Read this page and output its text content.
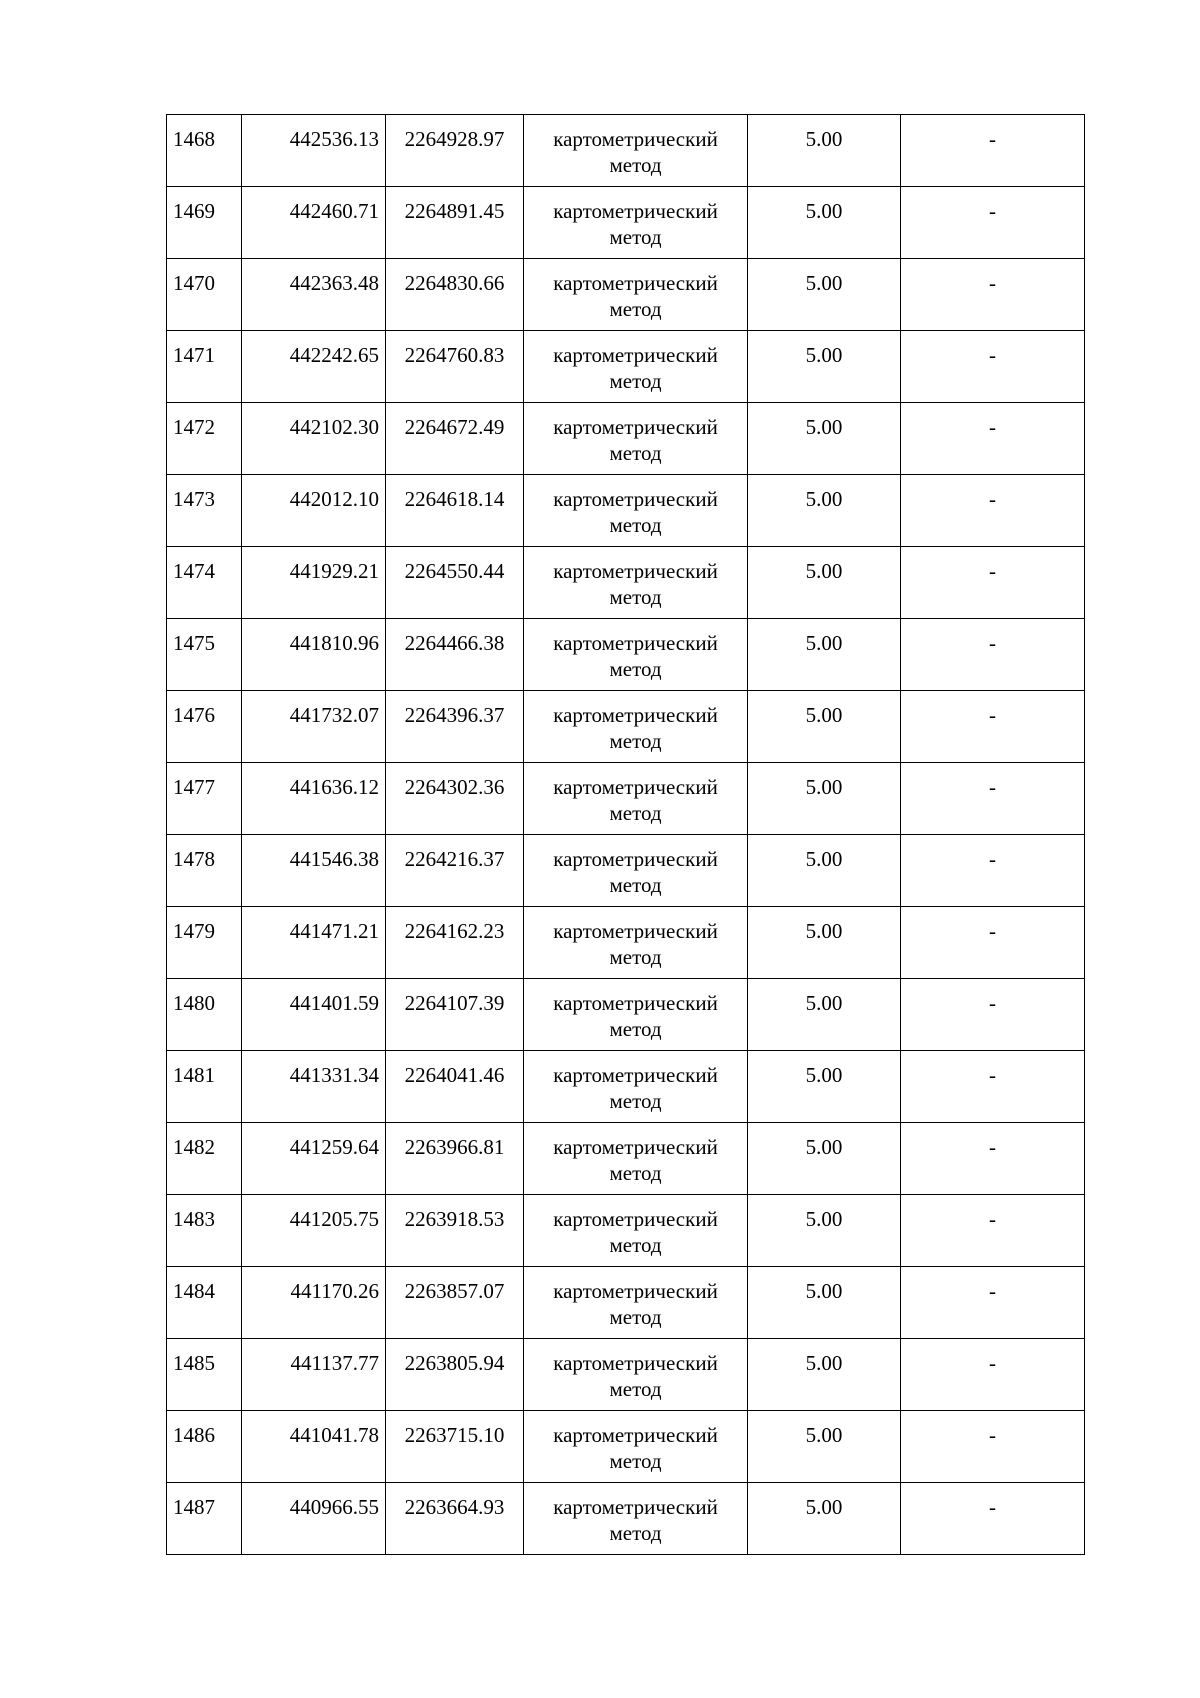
1468	442536.13	2264928.97	картометрический метод	5.00	-
1469	442460.71	2264891.45	картометрический метод	5.00	-
1470	442363.48	2264830.66	картометрический метод	5.00	-
1471	442242.65	2264760.83	картометрический метод	5.00	-
1472	442102.30	2264672.49	картометрический метод	5.00	-
1473	442012.10	2264618.14	картометрический метод	5.00	-
1474	441929.21	2264550.44	картометрический метод	5.00	-
1475	441810.96	2264466.38	картометрический метод	5.00	-
1476	441732.07	2264396.37	картометрический метод	5.00	-
1477	441636.12	2264302.36	картометрический метод	5.00	-
1478	441546.38	2264216.37	картометрический метод	5.00	-
1479	441471.21	2264162.23	картометрический метод	5.00	-
1480	441401.59	2264107.39	картометрический метод	5.00	-
1481	441331.34	2264041.46	картометрический метод	5.00	-
1482	441259.64	2263966.81	картометрический метод	5.00	-
1483	441205.75	2263918.53	картометрический метод	5.00	-
1484	441170.26	2263857.07	картометрический метод	5.00	-
1485	441137.77	2263805.94	картометрический метод	5.00	-
1486	441041.78	2263715.10	картометрический метод	5.00	-
1487	440966.55	2263664.93	картометрический метод	5.00	-
